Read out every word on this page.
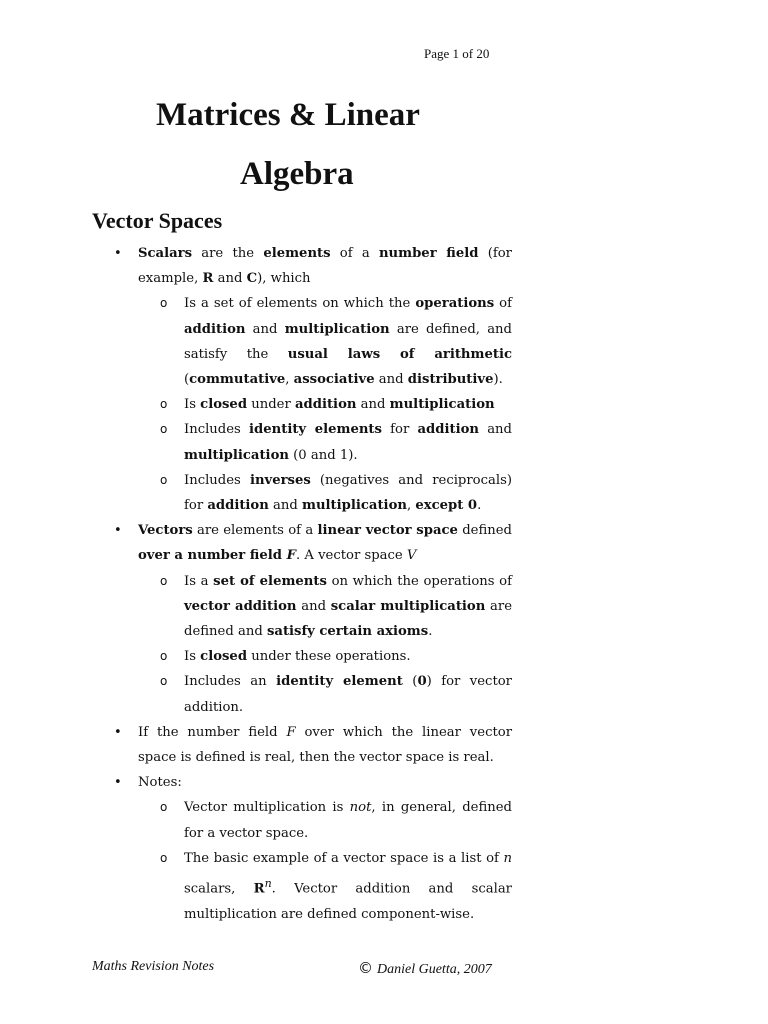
Page 1 of 20
Matrices & Linear
Algebra
Vector Spaces
• Scalars are the elements of a number field (for example, R and C), which
o Is a set of elements on which the operations of addition and multiplication are defined, and satisfy the usual laws of arithmetic (commutative, associative and distributive).
o Is closed under addition and multiplication
o Includes identity elements for addition and multiplication (0 and 1).
o Includes inverses (negatives and reciprocals) for addition and multiplication, except 0.
• Vectors are elements of a linear vector space defined over a number field F. A vector space V
o Is a set of elements on which the operations of vector addition and scalar multiplication are defined and satisfy certain axioms.
o Is closed under these operations.
o Includes an identity element (0) for vector addition.
• If the number field F over which the linear vector space is defined is real, then the vector space is real.
• Notes:
o Vector multiplication is not, in general, defined for a vector space.
o The basic example of a vector space is a list of n scalars, $R^n$. Vector addition and scalar multiplication are defined component-wise.
Maths Revision Notes	© Daniel Guetta, 2007
